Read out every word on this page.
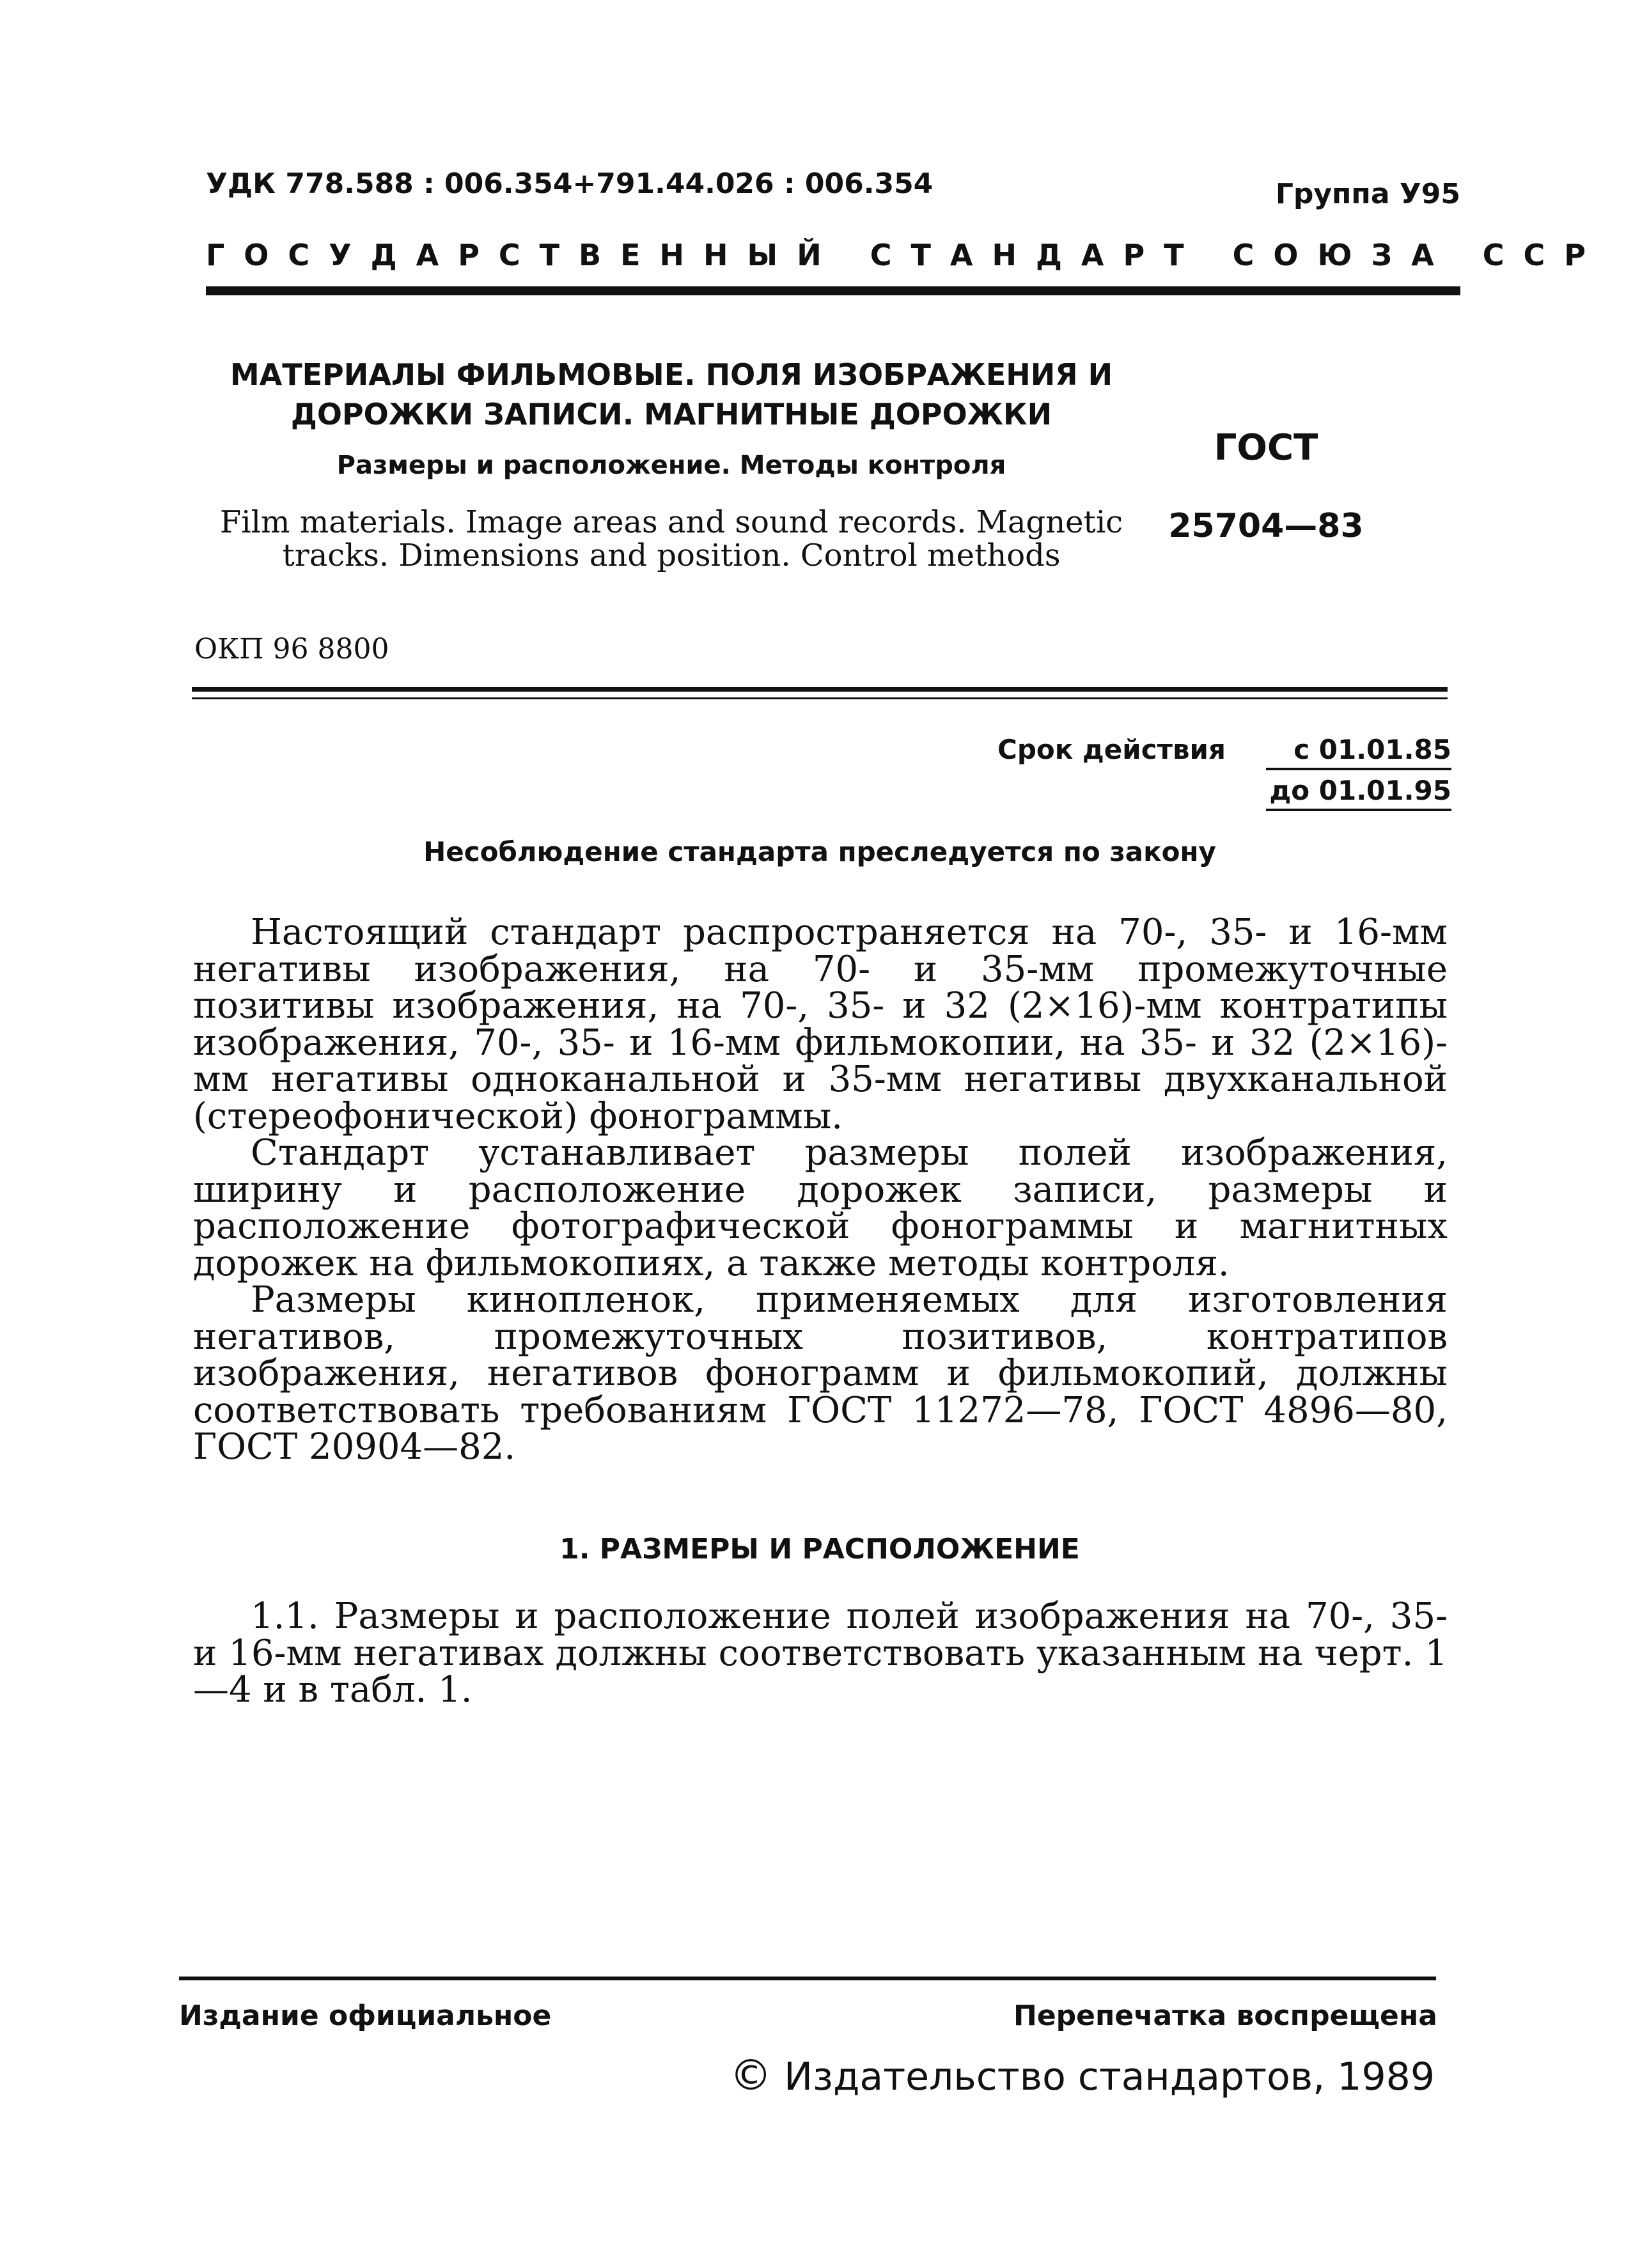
УДК 778.588 : 006.354+791.44.026 : 006.354	Группа У95
ГОСУДАРСТВЕННЫЙ СТАНДАРТ СОЮЗА ССР
МАТЕРИАЛЫ ФИЛЬМОВЫЕ. ПОЛЯ ИЗОБРАЖЕНИЯ И ДОРОЖКИ ЗАПИСИ. МАГНИТНЫЕ ДОРОЖКИ
Размеры и расположение. Методы контроля
Film materials. Image areas and sound records. Magnetic tracks. Dimensions and position. Control methods
ОКП 96 8800
ГОСТ
25704—83
Срок действия	с 01.01.85
до 01.01.95
Несоблюдение стандарта преследуется по закону

Настоящий стандарт распространяется на 70-, 35- и 16-мм негативы изображения, на 70- и 35-мм промежуточные позитивы изображения, на 70-, 35- и 32 (2×16)-мм контратипы изображения, 70-, 35- и 16-мм фильмокопии, на 35- и 32 (2×16)-мм негативы одноканальной и 35-мм негативы двухканальной (стереофонической) фонограммы.

Стандарт устанавливает размеры полей изображения, ширину и расположение дорожек записи, размеры и расположение фотографической фонограммы и магнитных дорожек на фильмокопиях, а также методы контроля.

Размеры кинопленок, применяемых для изготовления негативов, промежуточных позитивов, контратипов изображения, негативов фонограмм и фильмокопий, должны соответствовать требованиям ГОСТ 11272—78, ГОСТ 4896—80, ГОСТ 20904—82.

1. РАЗМЕРЫ И РАСПОЛОЖЕНИЕ

1.1. Размеры и расположение полей изображения на 70-, 35- и 16-мм негативах должны соответствовать указанным на черт. 1—4 и в табл. 1.

Издание официальное	Перепечатка воспрещена
© Издательство стандартов, 1989
